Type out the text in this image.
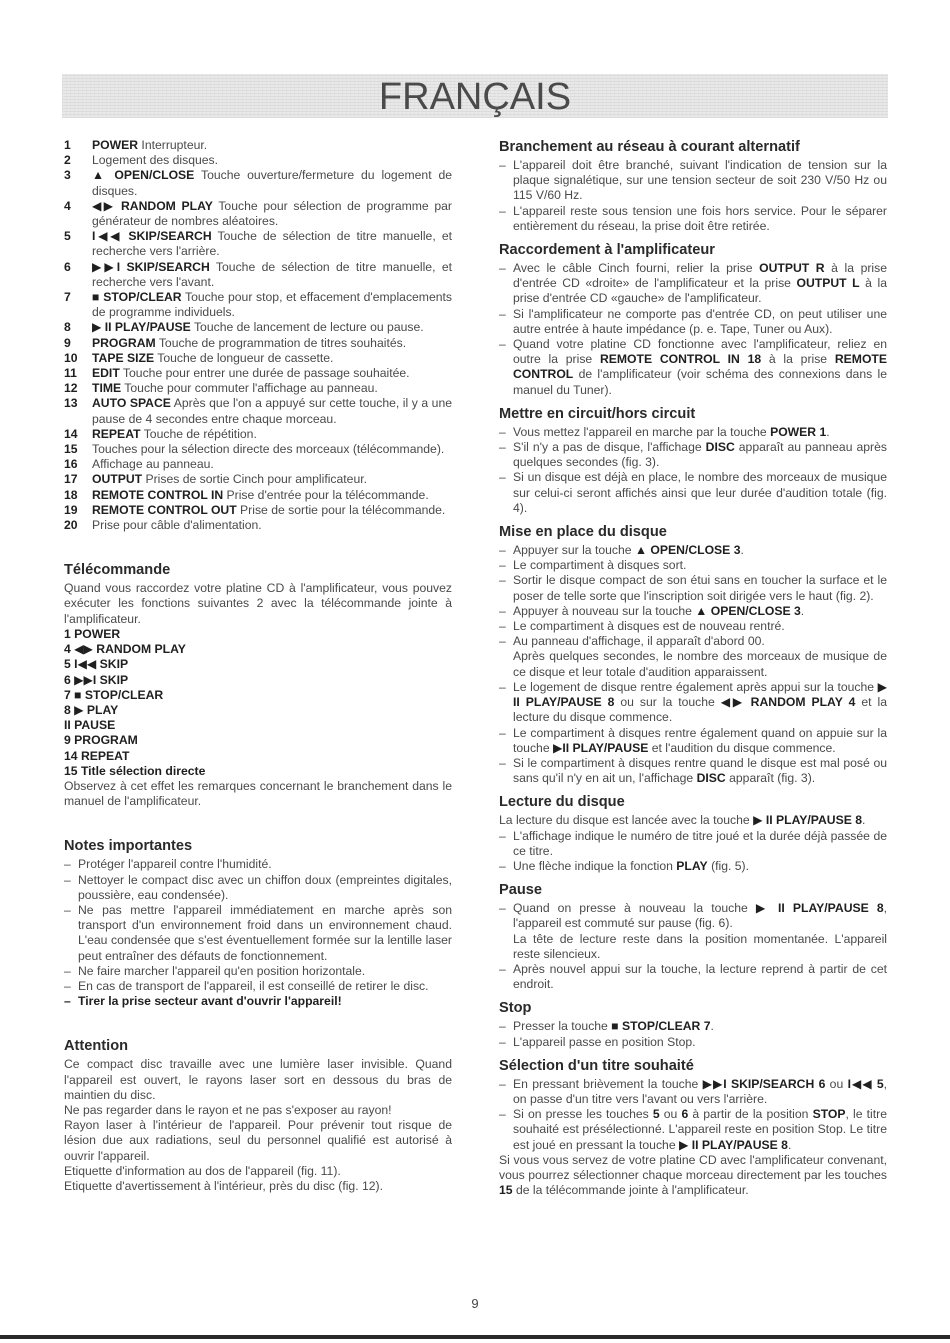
FRANÇAIS
1	POWER Interrupteur.
2	Logement des disques.
3	▲ OPEN/CLOSE Touche ouverture/fermeture du logement de disques.
4	◀▶ RANDOM PLAY Touche pour sélection de programme par générateur de nombres aléatoires.
5	I◀◀ SKIP/SEARCH Touche de sélection de titre manuelle, et recherche vers l'arrière.
6	▶▶I SKIP/SEARCH Touche de sélection de titre manuelle, et recherche vers l'avant.
7	■ STOP/CLEAR Touche pour stop, et effacement d'emplacements de programme individuels.
8	▶ II PLAY/PAUSE Touche de lancement de lecture ou pause.
9	PROGRAM Touche de programmation de titres souhaités.
10	TAPE SIZE Touche de longueur de cassette.
11	EDIT Touche pour entrer une durée de passage souhaitée.
12	TIME Touche pour commuter l'affichage au panneau.
13	AUTO SPACE Après que l'on a appuyé sur cette touche, il y a une pause de 4 secondes entre chaque morceau.
14	REPEAT Touche de répétition.
15	Touches pour la sélection directe des morceaux (télécommande).
16	Affichage au panneau.
17	OUTPUT Prises de sortie Cinch pour amplificateur.
18	REMOTE CONTROL IN Prise d'entrée pour la télécommande.
19	REMOTE CONTROL OUT Prise de sortie pour la télécommande.
20	Prise pour câble d'alimentation.
Télécommande

Quand vous raccordez votre platine CD à l'amplificateur, vous pouvez exécuter les fonctions suivantes 2 avec la télécommande jointe à l'amplificateur.

1 POWER
4 ◀▶ RANDOM PLAY
5 I◀◀ SKIP
6 ▶▶I SKIP
7 ■ STOP/CLEAR
8 ▶ PLAY
II PAUSE
9 PROGRAM
14 REPEAT
15 Title sélection directe

Observez à cet effet les remarques concernant le branchement dans le manuel de l'amplificateur.

Notes importantes
– Protéger l'appareil contre l'humidité.
– Nettoyer le compact disc avec un chiffon doux (empreintes digitales, poussière, eau condensée).
– Ne pas mettre l'appareil immédiatement en marche après son transport d'un environnement froid dans un environnement chaud. L'eau condensée que s'est éventuellement formée sur la lentille laser peut entraîner des défauts de fonctionnement.
– Ne faire marcher l'appareil qu'en position horizontale.
– En cas de transport de l'appareil, il est conseillé de retirer le disc.
– Tirer la prise secteur avant d'ouvrir l'appareil!
Attention

Ce compact disc travaille avec une lumière laser invisible. Quand l'appareil est ouvert, le rayons laser sort en dessous du bras de maintien du disc.

Ne pas regarder dans le rayon et ne pas s'exposer au rayon!

Rayon laser à l'intérieur de l'appareil. Pour prévenir tout risque de lésion due aux radiations, seul du personnel qualifié est autorisé à ouvrir l'appareil.

Etiquette d'information au dos de l'appareil (fig. 11).

Etiquette d'avertissement à l'intérieur, près du disc (fig. 12).

Branchement au réseau à courant alternatif
– L'appareil doit être branché, suivant l'indication de tension sur la plaque signalétique, sur une tension secteur de soit 230 V/50 Hz ou 115 V/60 Hz.
– L'appareil reste sous tension une fois hors service. Pour le séparer entièrement du réseau, la prise doit être retirée.
Raccordement à l'amplificateur
– Avec le câble Cinch fourni, relier la prise OUTPUT R à la prise d'entrée CD «droite» de l'amplificateur et la prise OUTPUT L à la prise d'entrée CD «gauche» de l'amplificateur.
– Si l'amplificateur ne comporte pas d'entrée CD, on peut utiliser une autre entrée à haute impédance (p. e. Tape, Tuner ou Aux).
– Quand votre platine CD fonctionne avec l'amplificateur, reliez en outre la prise REMOTE CONTROL IN 18 à la prise REMOTE CONTROL de l'amplificateur (voir schéma des connexions dans le manuel du Tuner).
Mettre en circuit/hors circuit
– Vous mettez l'appareil en marche par la touche POWER 1.
– S'il n'y a pas de disque, l'affichage DISC apparaît au panneau après quelques secondes (fig. 3).
– Si un disque est déjà en place, le nombre des morceaux de musique sur celui-ci seront affichés ainsi que leur durée d'audition totale (fig. 4).
Mise en place du disque
– Appuyer sur la touche ▲ OPEN/CLOSE 3.
– Le compartiment à disques sort.
– Sortir le disque compact de son étui sans en toucher la surface et le poser de telle sorte que l'inscription soit dirigée vers le haut (fig. 2).
– Appuyer à nouveau sur la touche ▲ OPEN/CLOSE 3.
– Le compartiment à disques est de nouveau rentré.
– Au panneau d'affichage, il apparaît d'abord 00.

Après quelques secondes, le nombre des morceaux de musique de ce disque et leur totale d'audition apparaissent.

– Le logement de disque rentre également après appui sur la touche ▶ II PLAY/PAUSE 8 ou sur la touche ◀▶ RANDOM PLAY 4 et la lecture du disque commence.
– Le compartiment à disques rentre également quand on appuie sur la touche ▶II PLAY/PAUSE et l'audition du disque commence.
– Si le compartiment à disques rentre quand le disque est mal posé ou sans qu'il n'y en ait un, l'affichage DISC apparaît (fig. 3).
Lecture du disque

La lecture du disque est lancée avec la touche ▶ II PLAY/PAUSE 8.

– L'affichage indique le numéro de titre joué et la durée déjà passée de ce titre.
– Une flèche indique la fonction PLAY (fig. 5).
Pause
– Quand on presse à nouveau la touche ▶ II PLAY/PAUSE 8, l'appareil est commuté sur pause (fig. 6).

La tête de lecture reste dans la position momentanée. L'appareil reste silencieux.

– Après nouvel appui sur la touche, la lecture reprend à partir de cet endroit.
Stop
– Presser la touche ■ STOP/CLEAR 7.
– L'appareil passe en position Stop.
Sélection d'un titre souhaité
– En pressant brièvement la touche ▶▶I SKIP/SEARCH 6 ou I◀◀ 5, on passe d'un titre vers l'avant ou vers l'arrière.
– Si on presse les touches 5 ou 6 à partir de la position STOP, le titre souhaité est présélectionné. L'appareil reste en position Stop. Le titre est joué en pressant la touche ▶ II PLAY/PAUSE 8.

Si vous vous servez de votre platine CD avec l'amplificateur convenant, vous pourrez sélectionner chaque morceau directement par les touches 15 de la télécommande jointe à l'amplificateur.

9
